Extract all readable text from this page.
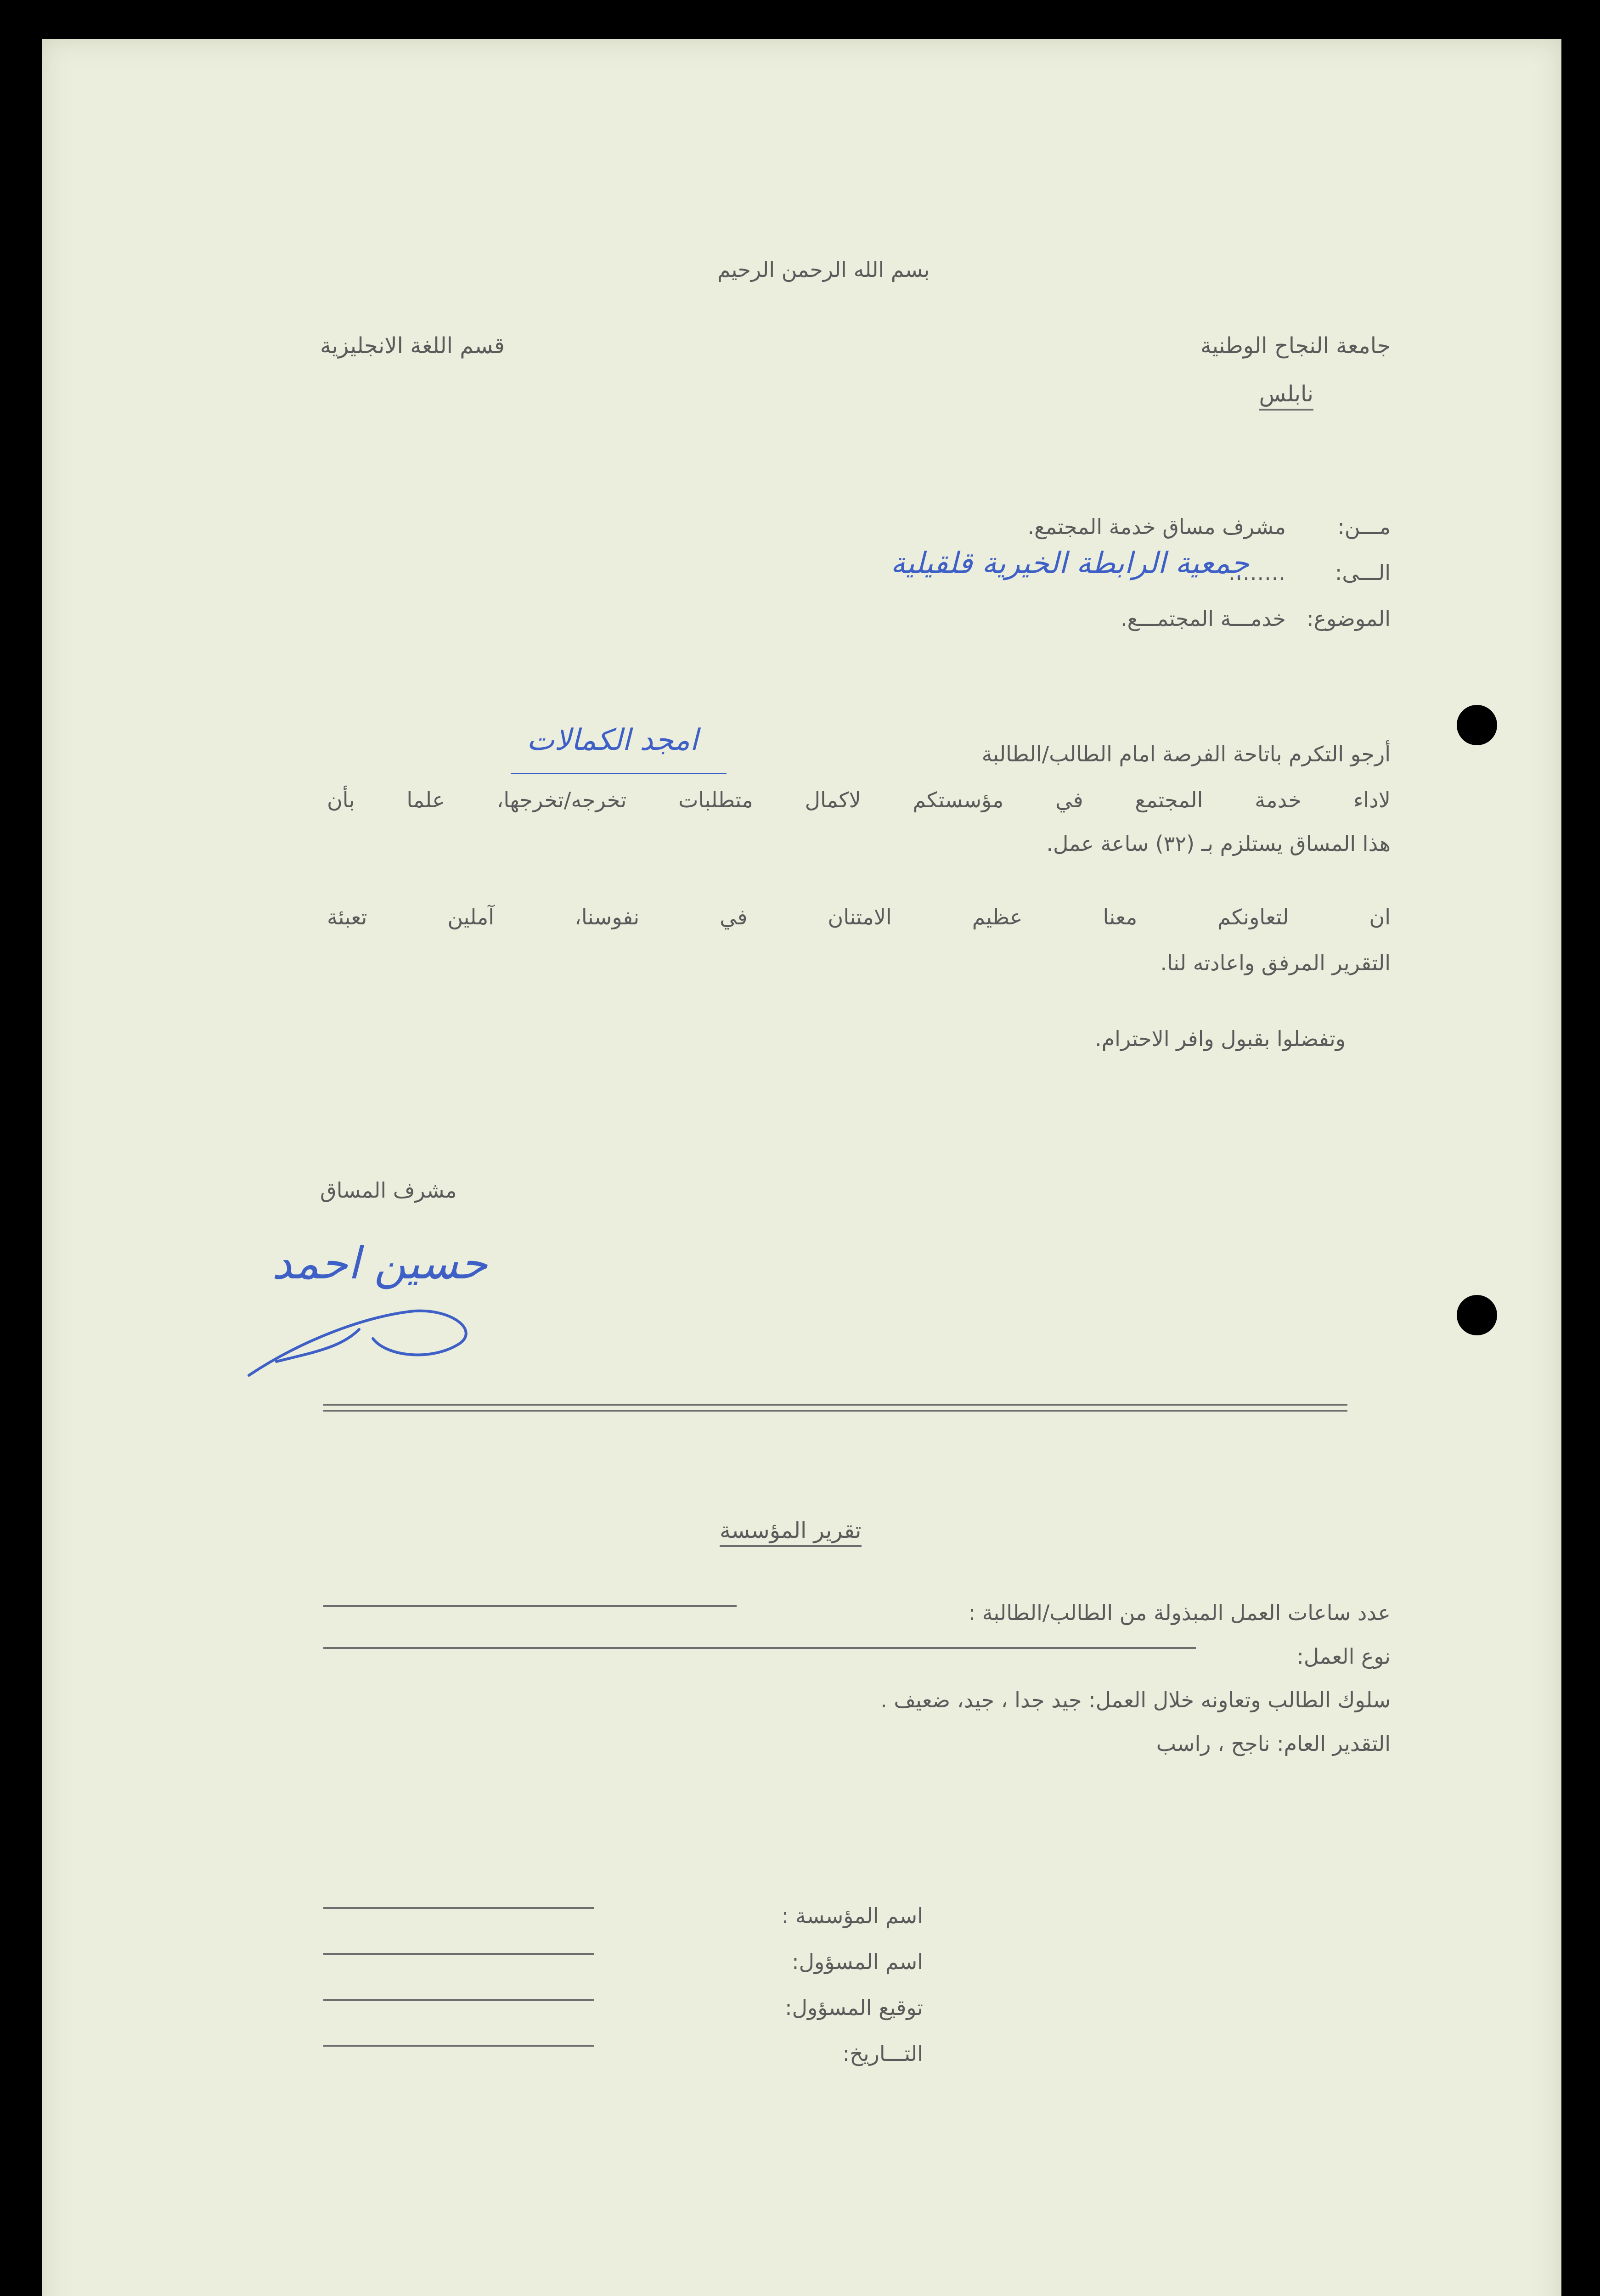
بسم الله الرحمن الرحيم
جامعة النجاح الوطنية
نابلس
قسم اللغة الانجليزية
مـــن:
مشرف مساق خدمة المجتمع.
الـــى:
........
جمعية الرابطة الخيرية قلقيلية
الموضوع:
خدمـــة المجتمـــع.
أرجو التكرم باتاحة الفرصة امام الطالب/الطالبة
امجد الكمالات
لاداء خدمة المجتمع في مؤسستكم لاكمال متطلبات تخرجه/تخرجها، علما بأن
هذا المساق يستلزم بـ (٣٢) ساعة عمل.
ان لتعاونكم معنا عظيم الامتنان في نفوسنا، آملين تعبئة
التقرير المرفق واعادته لنا.
وتفضلوا بقبول وافر الاحترام.
مشرف المساق
حسين احمد
تقرير المؤسسة
عدد ساعات العمل المبذولة من الطالب/الطالبة :
نوع العمل:
سلوك الطالب وتعاونه خلال العمل: جيد جدا ، جيد، ضعيف .
التقدير العام: ناجح ، راسب
اسم المؤسسة :
اسم المسؤول:
توقيع المسؤول:
التـــاريخ:
